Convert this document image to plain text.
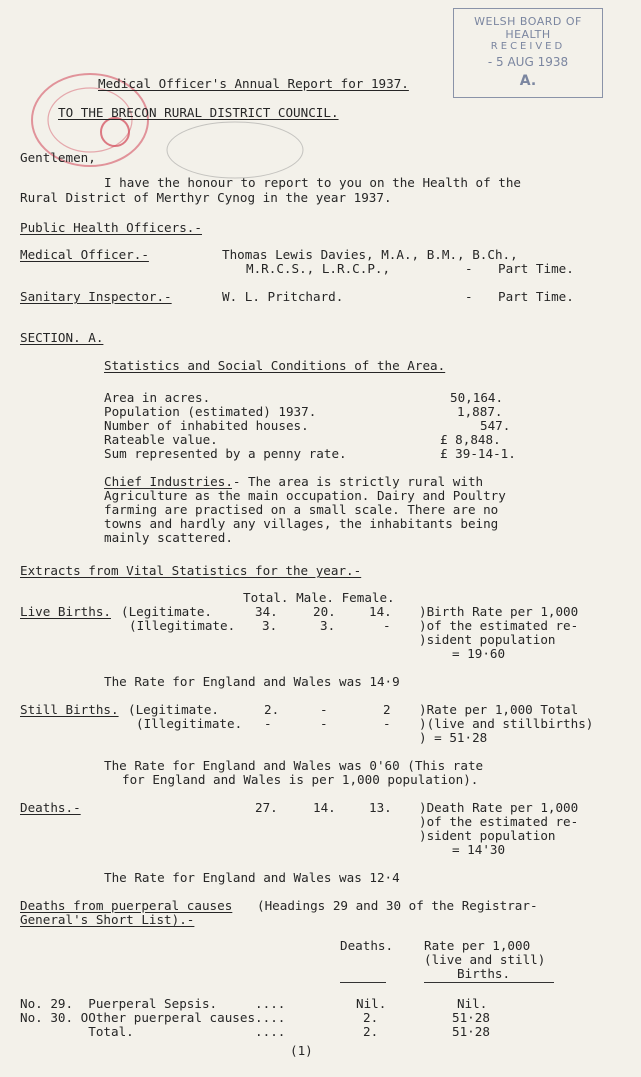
WELSH BOARD OF HEALTH
RECEIVED
- 5 AUG 1938
A.
Medical Officer's Annual Report for 1937.
TO THE BRECON RURAL DISTRICT COUNCIL.
Gentlemen,
I have the honour to report to you on the Health of the
Rural District of Merthyr Cynog in the year 1937.
Public Health Officers.-
Medical Officer.-	Thomas Lewis Davies, M.A., B.M., B.Ch.,
M.R.C.S., L.R.C.P.,	- Part Time.
Sanitary Inspector.-	W. L. Pritchard.	- Part Time.
SECTION. A.
Statistics and Social Conditions of the Area.
Area in acres.	50,164.
Population (estimated) 1937.	1,887.
Number of inhabited houses.	547.
Rateable value.	£ 8,848.
Sum represented by a penny rate.	£ 39-14-1.
Chief Industries.- The area is strictly rural with
Agriculture as the main occupation. Dairy and Poultry
farming are practised on a small scale. There are no
towns and hardly any villages, the inhabitants being
mainly scattered.
Extracts from Vital Statistics for the year.-
Total. Male. Female.
Live Births. (Legitimate.	34.	20.	14.
(Illegitimate. 3.	3.	-
)Birth Rate per 1,000
)of the estimated re-
)sident population
= 19·60
The Rate for England and Wales was 14·9
Still Births. (Legitimate.	2.	-	2
(Illegitimate. -	-	-
)Rate per 1,000 Total
)(live and stillbirths)
) = 51·28
The Rate for England and Wales was 0'60 (This rate
for England and Wales is per 1,000 population).
Deaths.-	27.	14.	13. )Death Rate per 1,000
)of the estimated re-
)sident population
= 14'30
The Rate for England and Wales was 12·4
Deaths from puerperal causes (Headings 29 and 30 of the Registrar-
General's Short List).-
Deaths. Rate per 1,000
(live and still)
Births.
No. 29.  Puerperal Sepsis.     ....	Nil.	Nil.
No. 30. OOther puerperal causes....	2.	51·28
Total.                ....	2.	51·28
(1)
